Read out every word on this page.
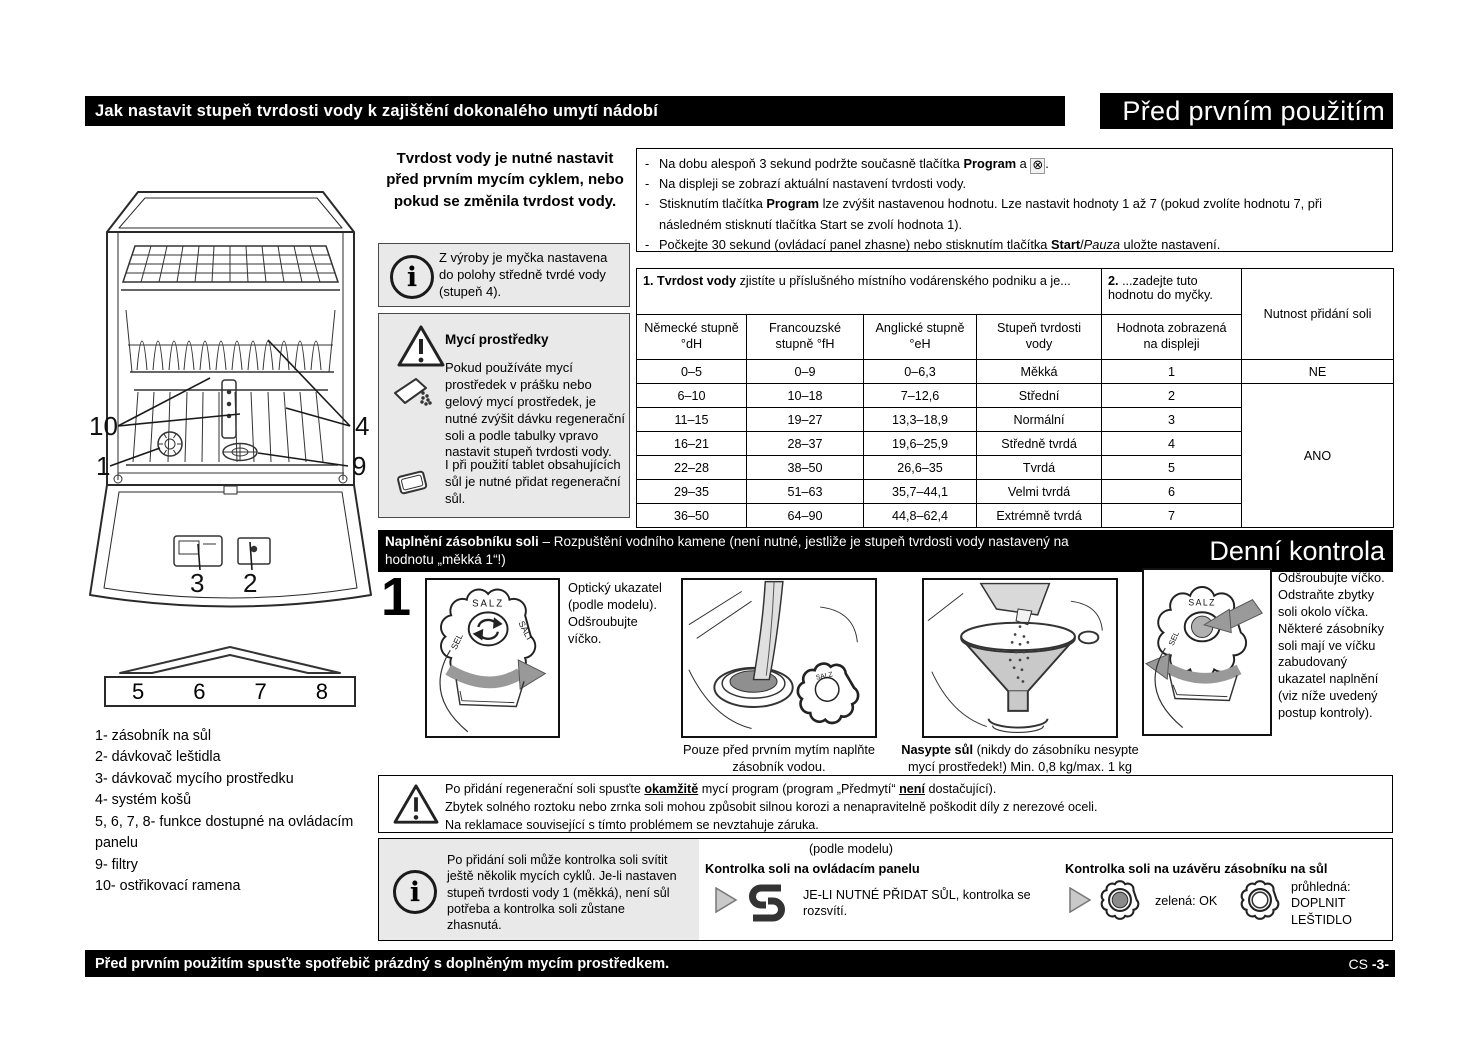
Jak nastavit stupeň tvrdosti vody k zajištění dokonalého umytí nádobí	Před prvním použitím
10	4
1	9
3 2
5 6 7 8
1- zásobník na sůl
2- dávkovač leštidla
3- dávkovač mycího prostředku
4- systém košů
5, 6, 7, 8- funkce dostupné na ovládacím panelu
9- filtry
10- ostřikovací ramena
Tvrdost vody je nutné nastavit před prvním mycím cyklem, nebo pokud se změnila tvrdost vody.
i
Z výroby je myčka nastavena do polohy středně tvrdé vody (stupeň 4).
Mycí prostředky
Pokud používáte mycí prostředek v prášku nebo gelový mycí prostředek, je nutné zvýšit dávku regenerační soli a podle tabulky vpravo nastavit stupeň tvrdosti vody.
I při použití tablet obsahujících sůl je nutné přidat regenerační sůl.
- Na dobu alespoň 3 sekund podržte současně tlačítka Program a ⊗ .
- Na displeji se zobrazí aktuální nastavení tvrdosti vody.
- Stisknutím tlačítka Program lze zvýšit nastavenou hodnotu. Lze nastavit hodnoty 1 až 7 (pokud zvolíte hodnotu 7, při následném stisknutí tlačítka Start se zvolí hodnota 1).
- Počkejte 30 sekund (ovládací panel zhasne) nebo stisknutím tlačítka Start/Pauza uložte nastavení.
1. Tvrdost vody zjistíte u příslušného místního vodárenského podniku a je...				2. ...zadejte tuto hodnotu do myčky.	Nutnost přidání soli
Německé stupně °dH	Francouzské stupně °fH	Anglické stupně °eH	Stupeň tvrdosti vody	Hodnota zobrazená na displeji	
0–5	0–9	0–6,3	Měkká	1	NE
6–10	10–18	7–12,6	Střední	2	ANO
11–15	19–27	13,3–18,9	Normální	3	
16–21	28–37	19,6–25,9	Středně tvrdá	4	
22–28	38–50	26,6–35	Tvrdá	5	
29–35	51–63	35,7–44,1	Velmi tvrdá	6	
36–50	64–90	44,8–62,4	Extrémně tvrdá	7	
Naplnění zásobníku soli – Rozpuštění vodního kamene (není nutné, jestliže je stupeň tvrdosti vody nastavený na hodnotu „měkká 1“!)	Denní kontrola
1	SALZ
SEL	SALT
Optický ukazatel (podle modelu). Odšroubujte víčko.
SALZ
Pouze před prvním mytím naplňte zásobník vodou.
Nasypte sůl (nikdy do zásobníku nesypte mycí prostředek!) Min. 0,8 kg/max. 1 kg
SALZ
SEL
Odšroubujte víčko. Odstraňte zbytky soli okolo víčka. Některé zásobníky soli mají ve víčku zabudovaný ukazatel naplnění (viz níže uvedený postup kontroly).
Po přidání regenerační soli spusťte okamžitě mycí program (program „Předmytí“ není dostačující).
Zbytek solného roztoku nebo zrnka soli mohou způsobit silnou korozi a nenapravitelně poškodit díly z nerezové oceli.
Na reklamace související s tímto problémem se nevztahuje záruka.
i
Po přidání soli může kontrolka soli svítit ještě několik mycích cyklů. Je-li nastaven stupeň tvrdosti vody 1 (měkká), není sůl potřeba a kontrolka soli zůstane zhasnutá.
(podle modelu)
Kontrolka soli na ovládacím panelu
JE-LI NUTNÉ PŘIDAT SŮL, kontrolka se rozsvítí.
Kontrolka soli na uzávěru zásobníku na sůl
zelená: OK
průhledná: DOPLNIT LEŠTIDLO
Před prvním použitím spusťte spotřebič prázdný s doplněným mycím prostředkem.	CS -3-
